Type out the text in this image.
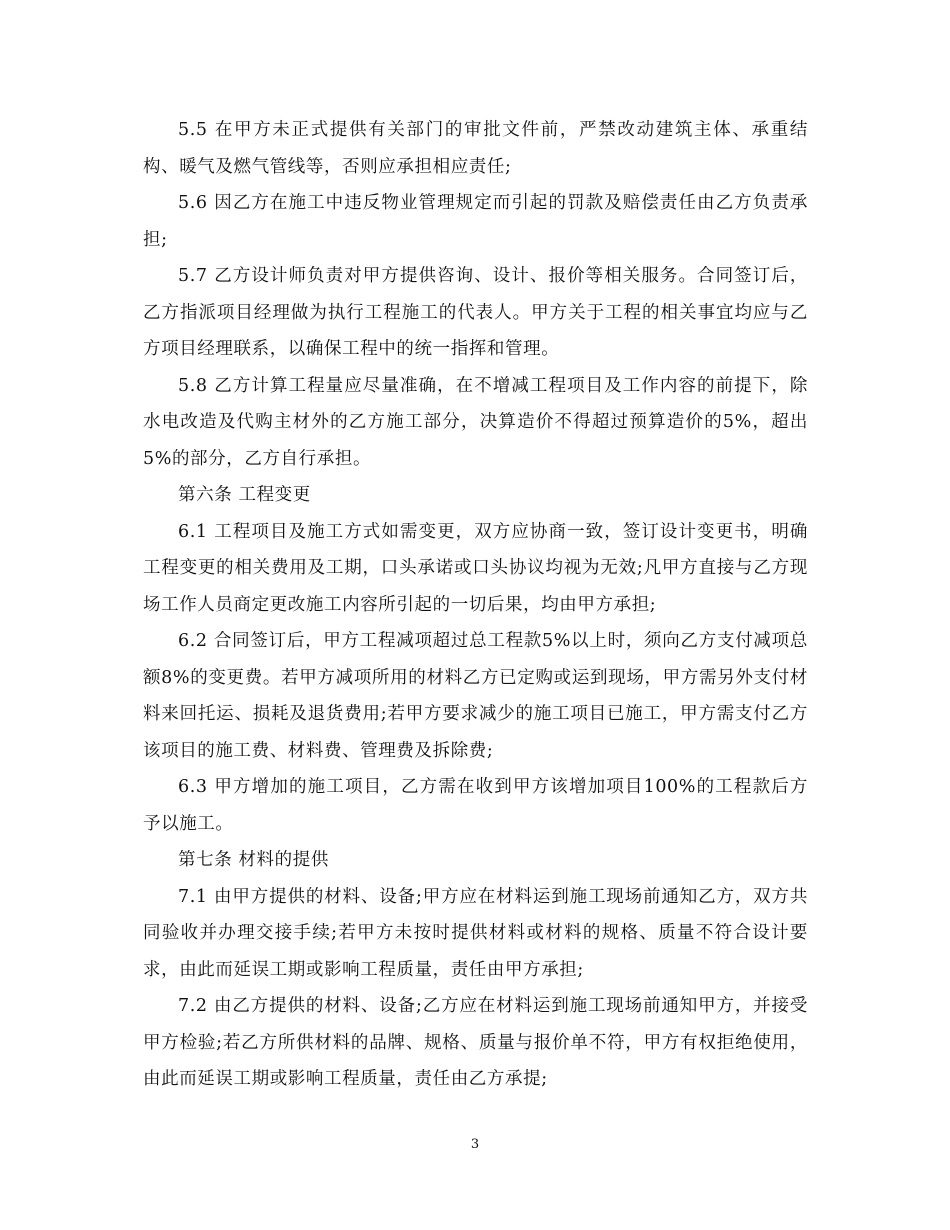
5.5 在甲方未正式提供有关部门的审批文件前，严禁改动建筑主体、承重结构、暖气及燃气管线等，否则应承担相应责任;

5.6 因乙方在施工中违反物业管理规定而引起的罚款及赔偿责任由乙方负责承担;

5.7 乙方设计师负责对甲方提供咨询、设计、报价等相关服务。合同签订后，乙方指派项目经理做为执行工程施工的代表人。甲方关于工程的相关事宜均应与乙方项目经理联系，以确保工程中的统一指挥和管理。

5.8 乙方计算工程量应尽量准确，在不增减工程项目及工作内容的前提下，除水电改造及代购主材外的乙方施工部分，决算造价不得超过预算造价的5%，超出5%的部分，乙方自行承担。

第六条 工程变更

6.1 工程项目及施工方式如需变更，双方应协商一致，签订设计变更书，明确工程变更的相关费用及工期，口头承诺或口头协议均视为无效;凡甲方直接与乙方现场工作人员商定更改施工内容所引起的一切后果，均由甲方承担;

6.2 合同签订后，甲方工程减项超过总工程款5%以上时，须向乙方支付减项总额8%的变更费。若甲方减项所用的材料乙方已定购或运到现场，甲方需另外支付材料来回托运、损耗及退货费用;若甲方要求减少的施工项目已施工，甲方需支付乙方该项目的施工费、材料费、管理费及拆除费;

6.3 甲方增加的施工项目，乙方需在收到甲方该增加项目100%的工程款后方予以施工。

第七条 材料的提供

7.1 由甲方提供的材料、设备;甲方应在材料运到施工现场前通知乙方，双方共同验收并办理交接手续;若甲方未按时提供材料或材料的规格、质量不符合设计要求，由此而延误工期或影响工程质量，责任由甲方承担;

7.2 由乙方提供的材料、设备;乙方应在材料运到施工现场前通知甲方，并接受甲方检验;若乙方所供材料的品牌、规格、质量与报价单不符，甲方有权拒绝使用，由此而延误工期或影响工程质量，责任由乙方承提;

3
